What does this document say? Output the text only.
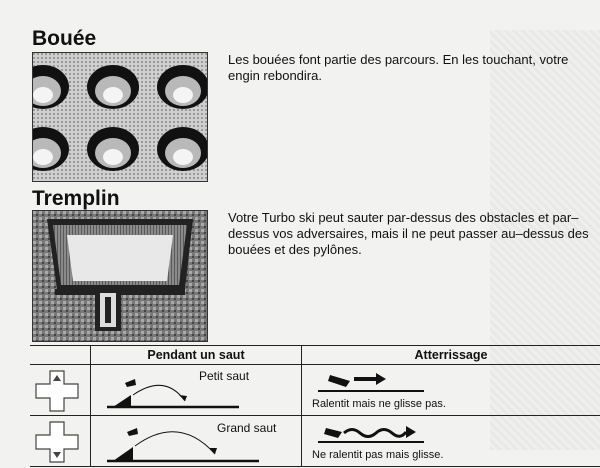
Bouée

Les bouées font partie des parcours. En les touchant, votre engin rebondira.

Tremplin

Votre Turbo ski peut sauter par-dessus des obstacles et par–dessus vos adversaires, mais il ne peut passer au–dessus des bouées et des pylônes.

	Pendant un saut	Atterrissage

Petit saut	Ralentit mais ne glisse pas.

Grand saut	Ne ralentit pas mais glisse.
